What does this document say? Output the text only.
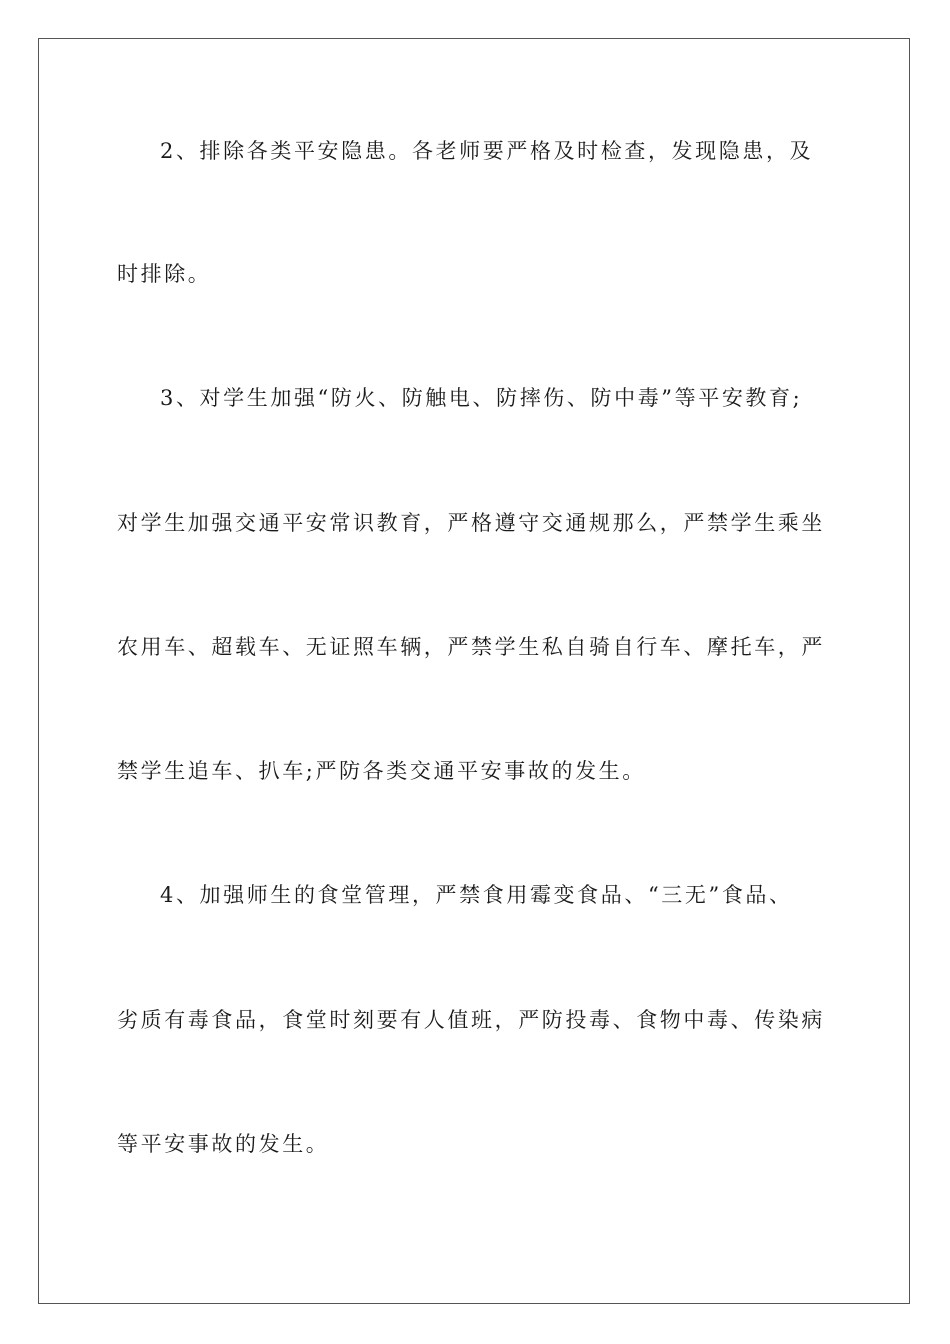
2、排除各类平安隐患。各老师要严格及时检查，发现隐患，及
时排除。
3、对学生加强“防火、防触电、防摔伤、防中毒”等平安教育;
对学生加强交通平安常识教育，严格遵守交通规那么，严禁学生乘坐
农用车、超载车、无证照车辆，严禁学生私自骑自行车、摩托车，严
禁学生追车、扒车;严防各类交通平安事故的发生。
4、加强师生的食堂管理，严禁食用霉变食品、“三无”食品、
劣质有毒食品，食堂时刻要有人值班，严防投毒、食物中毒、传染病
等平安事故的发生。
